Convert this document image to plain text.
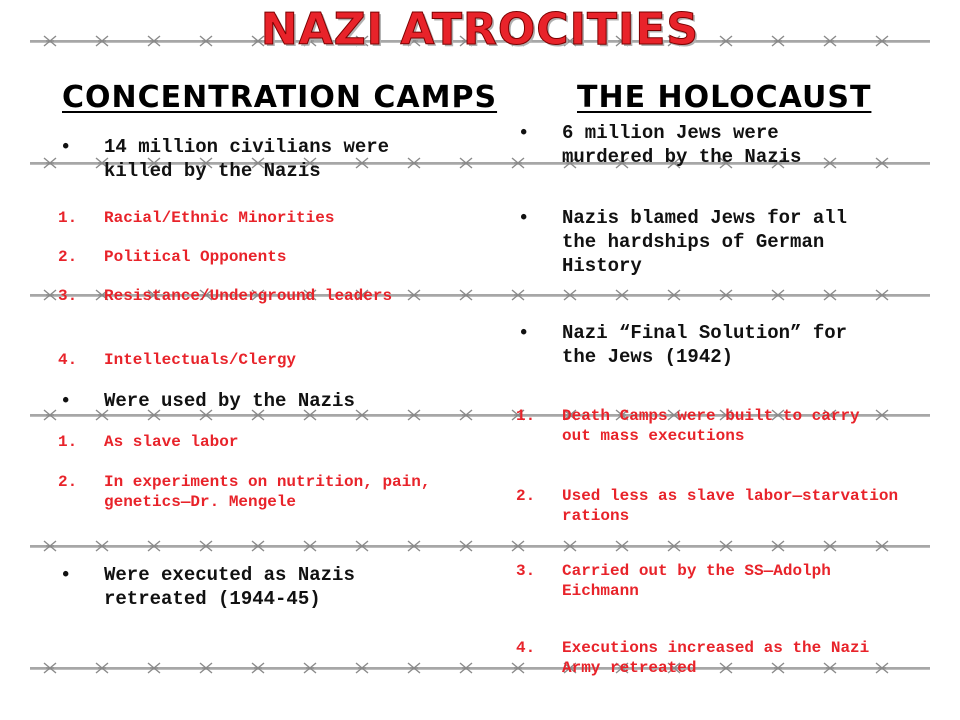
NAZI ATROCITIES
CONCENTRATION CAMPS

• 14 million civilians were killed by the Nazis

1. Racial/Ethnic Minorities

2. Political Opponents

3. Resistance/Underground leaders

4. Intellectuals/Clergy

• Were used by the Nazis

1. As slave labor

2. In experiments on nutrition, pain, genetics—Dr. Mengele

• Were executed as Nazis retreated (1944-45)

THE HOLOCAUST

• 6 million Jews were murdered by the Nazis

• Nazis blamed Jews for all the hardships of German History

• Nazi “Final Solution” for the Jews (1942)

1. Death Camps were built to carry out mass executions

2. Used less as slave labor—starvation rations

3. Carried out by the SS—Adolph Eichmann

4. Executions increased as the Nazi Army retreated
